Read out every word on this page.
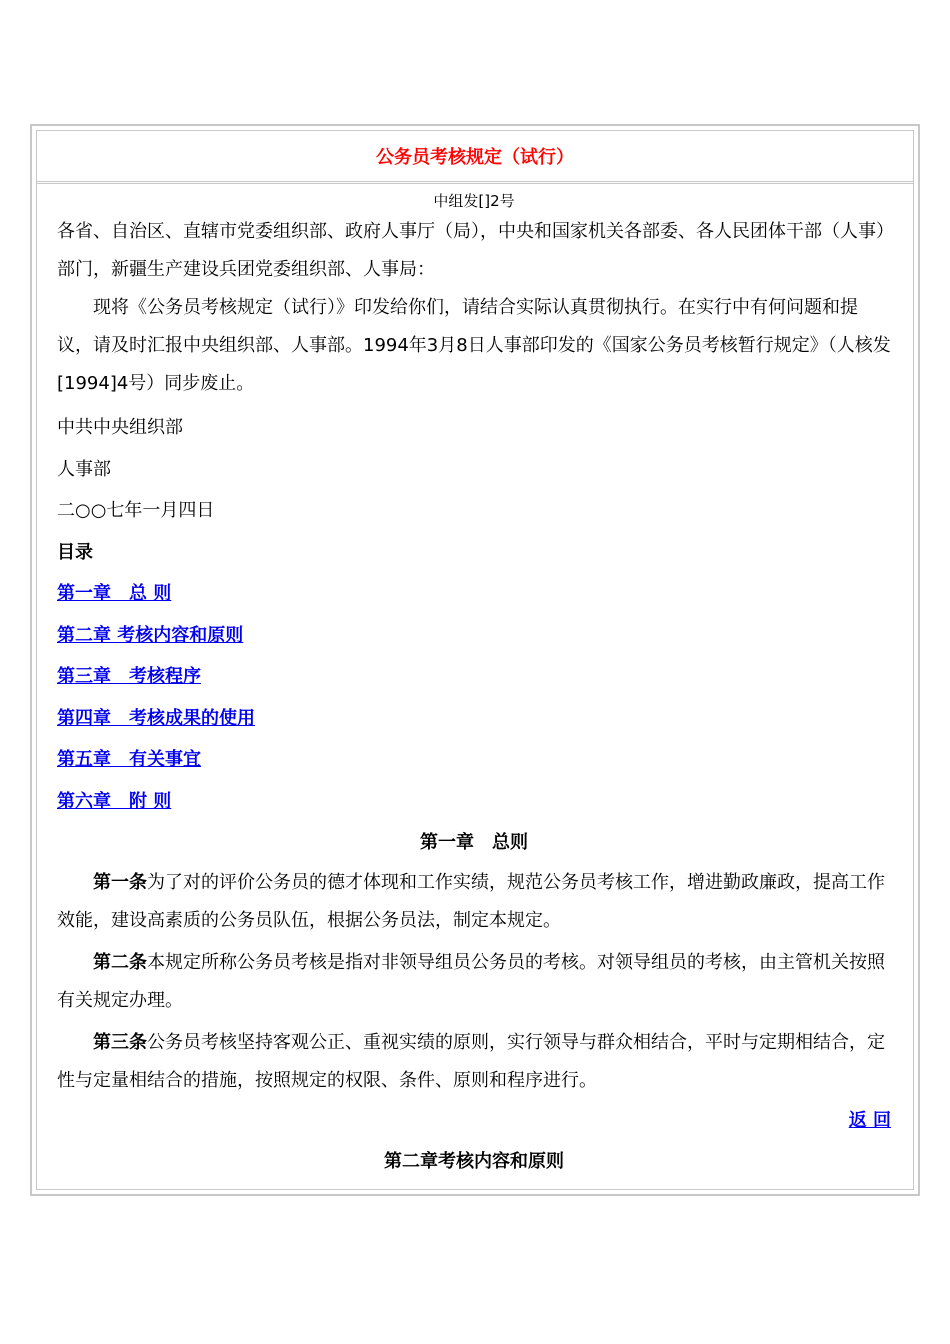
公务员考核规定（试行）

中组发[]2号

各省、自治区、直辖市党委组织部、政府人事厅（局），中央和国家机关各部委、各人民团体干部（人事）部门，新疆生产建设兵团党委组织部、人事局：

现将《公务员考核规定（试行）》印发给你们，请结合实际认真贯彻执行。在实行中有何问题和提议，请及时汇报中央组织部、人事部。1994年3月8日人事部印发的《国家公务员考核暂行规定》（人核发[1994]4号）同步废止。

中共中央组织部

人事部

二○○七年一月四日

目录

第一章　总 则

第二章 考核内容和原则

第三章　考核程序

第四章　考核成果的使用

第五章　有关事宜

第六章　附 则

第一章　总则

第一条为了对的评价公务员的德才体现和工作实绩，规范公务员考核工作，增进勤政廉政，提高工作效能，建设高素质的公务员队伍，根据公务员法，制定本规定。

第二条本规定所称公务员考核是指对非领导组员公务员的考核。对领导组员的考核，由主管机关按照有关规定办理。

第三条公务员考核坚持客观公正、重视实绩的原则，实行领导与群众相结合，平时与定期相结合，定性与定量相结合的措施，按照规定的权限、条件、原则和程序进行。

返 回

第二章考核内容和原则
